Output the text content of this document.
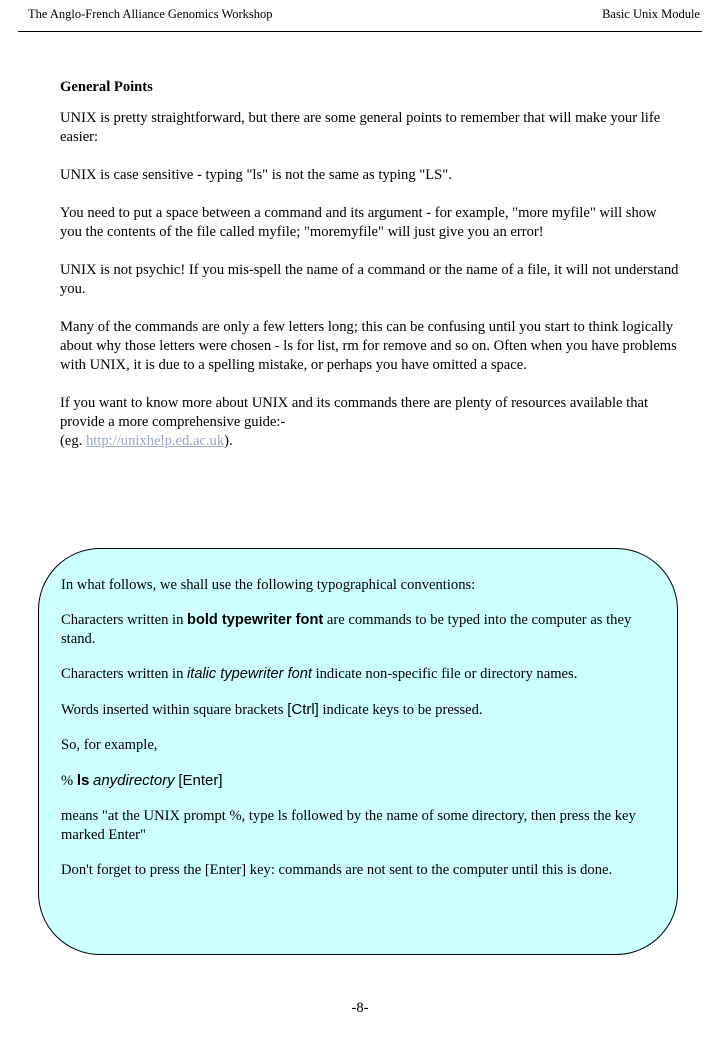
The Anglo-French Alliance Genomics Workshop	Basic Unix Module
General Points

UNIX is pretty straightforward, but there are some general points to remember that will make your life easier:

UNIX is case sensitive - typing "ls" is not the same as typing "LS".

You need to put a space between a command and its argument - for example, "more myfile" will show you the contents of the file called myfile; "moremyfile" will just give you an error!

UNIX is not psychic! If you mis-spell the name of a command or the name of a file, it will not understand you.

Many of the commands are only a few letters long; this can be confusing until you start to think logically about why those letters were chosen - ls for list, rm for remove and so on. Often when you have problems with UNIX, it is due to a spelling mistake, or perhaps you have omitted a space.

If you want to know more about UNIX and its commands there are plenty of resources available that provide a more comprehensive guide:-
(eg. http://unixhelp.ed.ac.uk).

In what follows, we shall use the following typographical conventions:

Characters written in bold typewriter font are commands to be typed into the computer as they stand.

Characters written in italic typewriter font indicate non-specific file or directory names.

Words inserted within square brackets [Ctrl] indicate keys to be pressed.

So, for example,

% ls anydirectory [Enter]

means "at the UNIX prompt %, type ls followed by the name of some directory, then press the key marked Enter"

Don't forget to press the [Enter] key: commands are not sent to the computer until this is done.

-8-
